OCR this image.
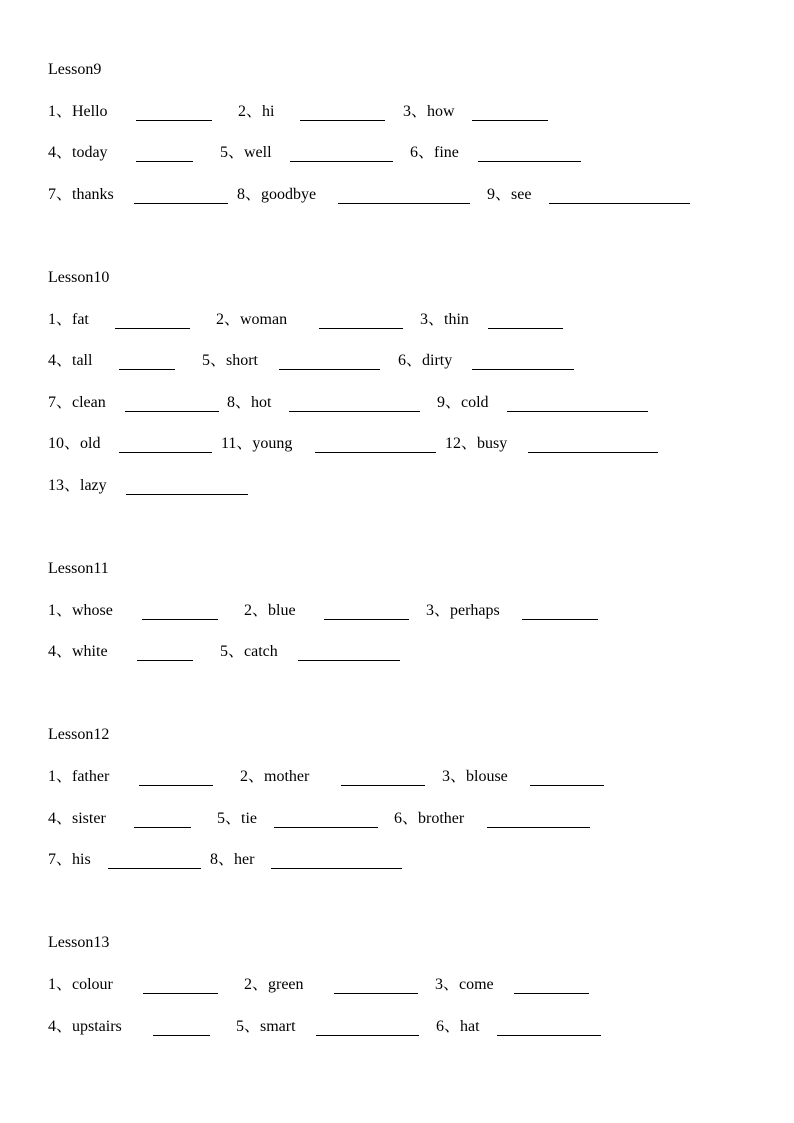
Lesson9
1、Hello	2、hi	3、how
4、today	5、well	6、fine
7、thanks	8、goodbye	9、see
Lesson10
1、fat	2、woman	3、thin
4、tall	5、short	6、dirty
7、clean	8、hot	9、cold
10、old	11、young	12、busy
13、lazy
Lesson11
1、whose	2、blue	3、perhaps
4、white	5、catch
Lesson12
1、father	2、mother	3、blouse
4、sister	5、tie	6、brother
7、his	8、her
Lesson13
1、colour	2、green	3、come
4、upstairs	5、smart	6、hat
